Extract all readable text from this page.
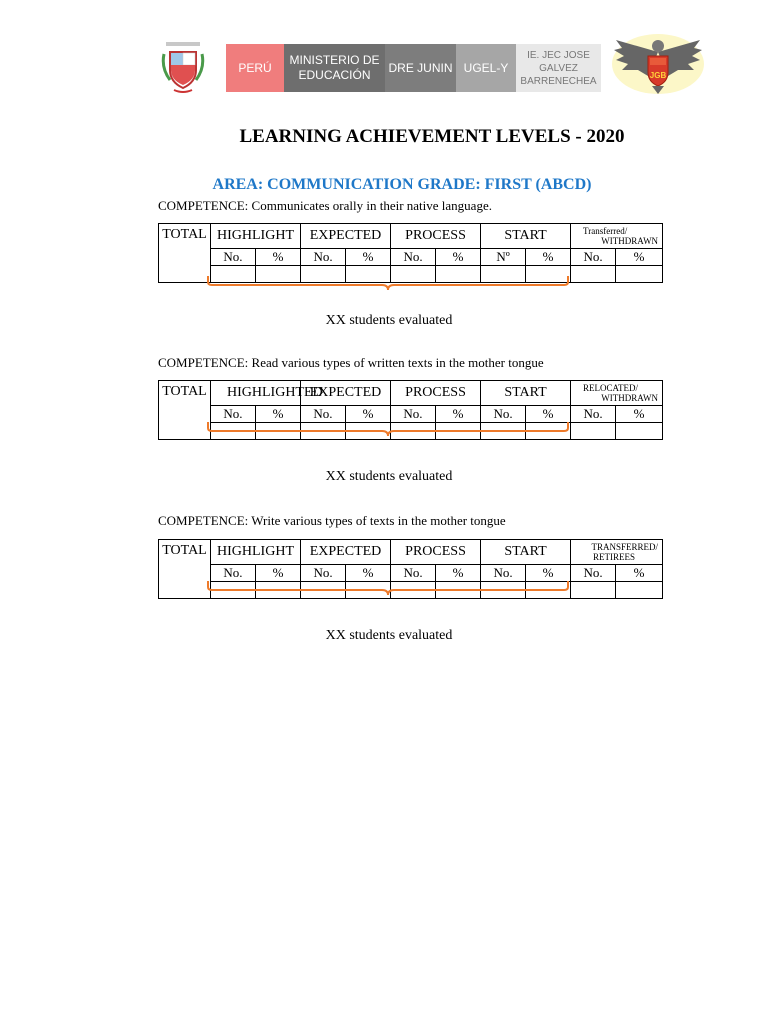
PERÚ
MINISTERIO DE
EDUCACIÓN
DRE JUNIN UGEL-Y
IE. JEC JOSE
GALVEZ
BARRENECHEA	JGB
LEARNING ACHIEVEMENT LEVELS - 2020
AREA: COMMUNICATION GRADE: FIRST (ABCD)
COMPETENCE: Communicates orally in their native language.
TOTAL	HIGHLIGHT		EXPECTED		PROCESS		START		Transferred/
WITHDRAWN	

	No.	%	No.	%	No.	%	Nº	%	No.	%

XX students evaluated
COMPETENCE: Read various types of written texts in the mother tongue
TOTAL	HIGHLIGHTED		EXPECTED		PROCESS		START		RELOCATED/
WITHDRAWN	

	No.	%	No.	%	No.	%	No.	%	No.	%

XX students evaluated
COMPETENCE: Write various types of texts in the mother tongue
TOTAL	HIGHLIGHT		EXPECTED		PROCESS		START		TRANSFERRED/
RETIREES	

	No.	%	No.	%	No.	%	No.	%	No.	%

XX students evaluated
